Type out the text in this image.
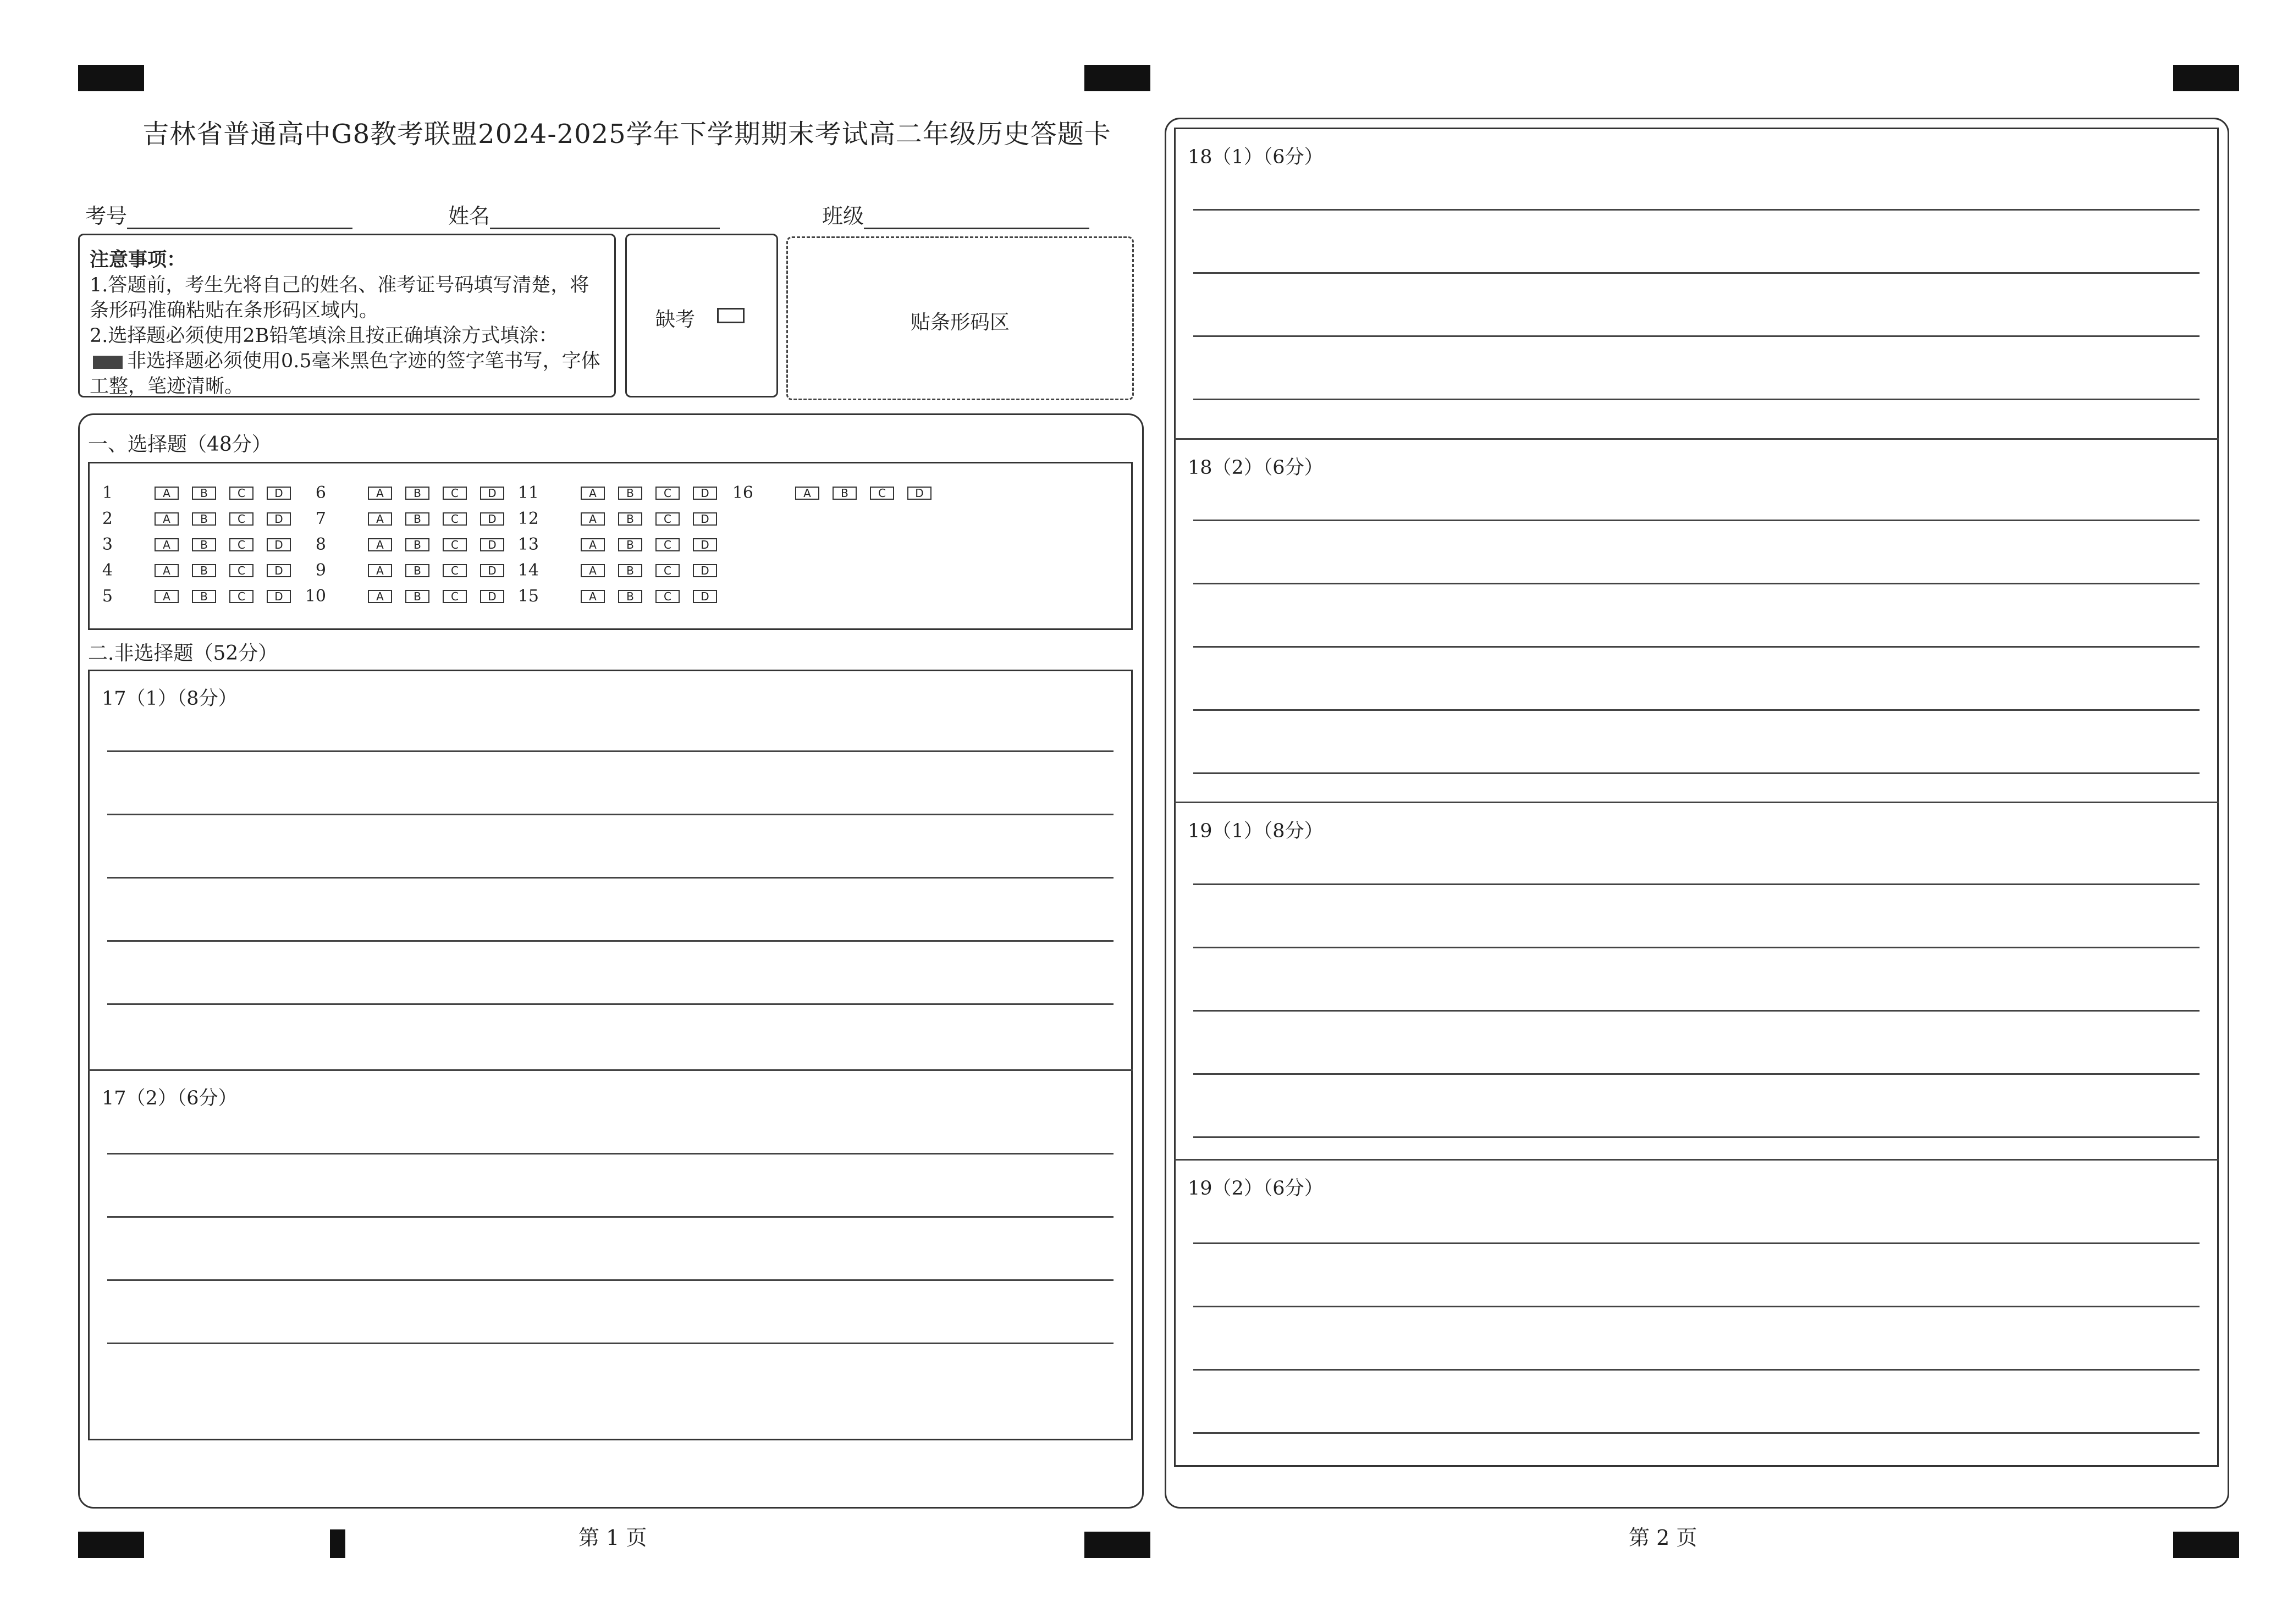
吉林省普通高中G8教考联盟2024-2025学年下学期期末考试高二年级历史答题卡
考号	姓名	班级
注意事项：
1.答题前，考生先将自己的姓名、准考证号码填写清楚，将条形码准确粘贴在条形码区域内。
2.选择题必须使用2B铅笔填涂且按正确填涂方式填涂：
非选择题必须使用0.5毫米黑色字迹的签字笔书写，字体工整，笔迹清晰。
缺考	贴条形码区
一、选择题（48分）
二.非选择题（52分）
17（1）（8分）
17（2）（6分）
18（1）（6分）
18（2）（6分）
19（1）（8分）
19（2）（6分）
第 1 页	第 2 页
1	A	B	C	D
2	A	B	C	D
3	A	B	C	D
4	A	B	C	D
5	A	B	C	D
6	A	B	C	D
7	A	B	C	D
8	A	B	C	D
9	A	B	C	D
10	A	B	C	D
11	A	B	C	D
12	A	B	C	D
13	A	B	C	D
14	A	B	C	D
15	A	B	C	D
16	A	B	C	D
